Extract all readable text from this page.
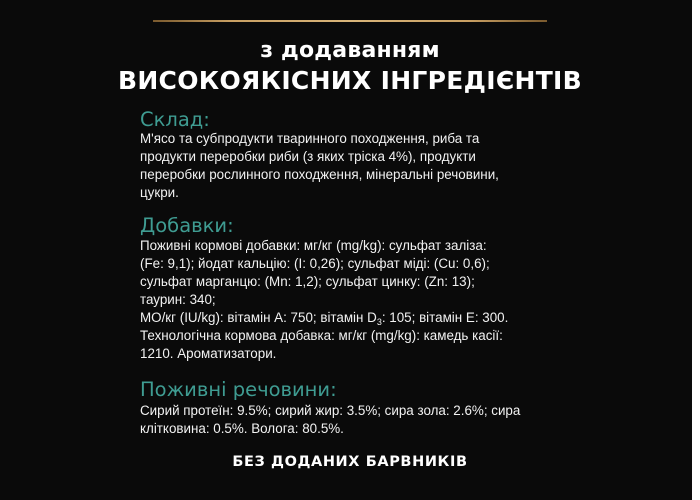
з додаванням
ВИСОКОЯКІСНИХ ІНГРЕДІЄНТІВ
Склад:
М'ясо та субпродукти тваринного походження, риба та
продукти переробки риби (з яких тріска 4%), продукти
переробки рослинного походження, мінеральні речовини,
цукри.
Добавки:
Поживні кормові добавки: мг/кг (mg/kg): сульфат заліза:
(Fe: 9,1); йодат кальцію: (I: 0,26); сульфат міді: (Cu: 0,6);
сульфат марганцю: (Mn: 1,2); сульфат цинку: (Zn: 13);
таурин: 340;
МО/кг (IU/kg): вітамін A: 750; вітамін $D_3$: 105; вітамін E: 300.
Технологічна кормова добавка: мг/кг (mg/kg): камедь касії:
1210. Ароматизатори.
Поживні речовини:
Сирий протеїн: 9.5%; сирий жир: 3.5%; сира зола: 2.6%; сира
клітковина: 0.5%. Волога: 80.5%.
БЕЗ ДОДАНИХ БАРВНИКІВ
